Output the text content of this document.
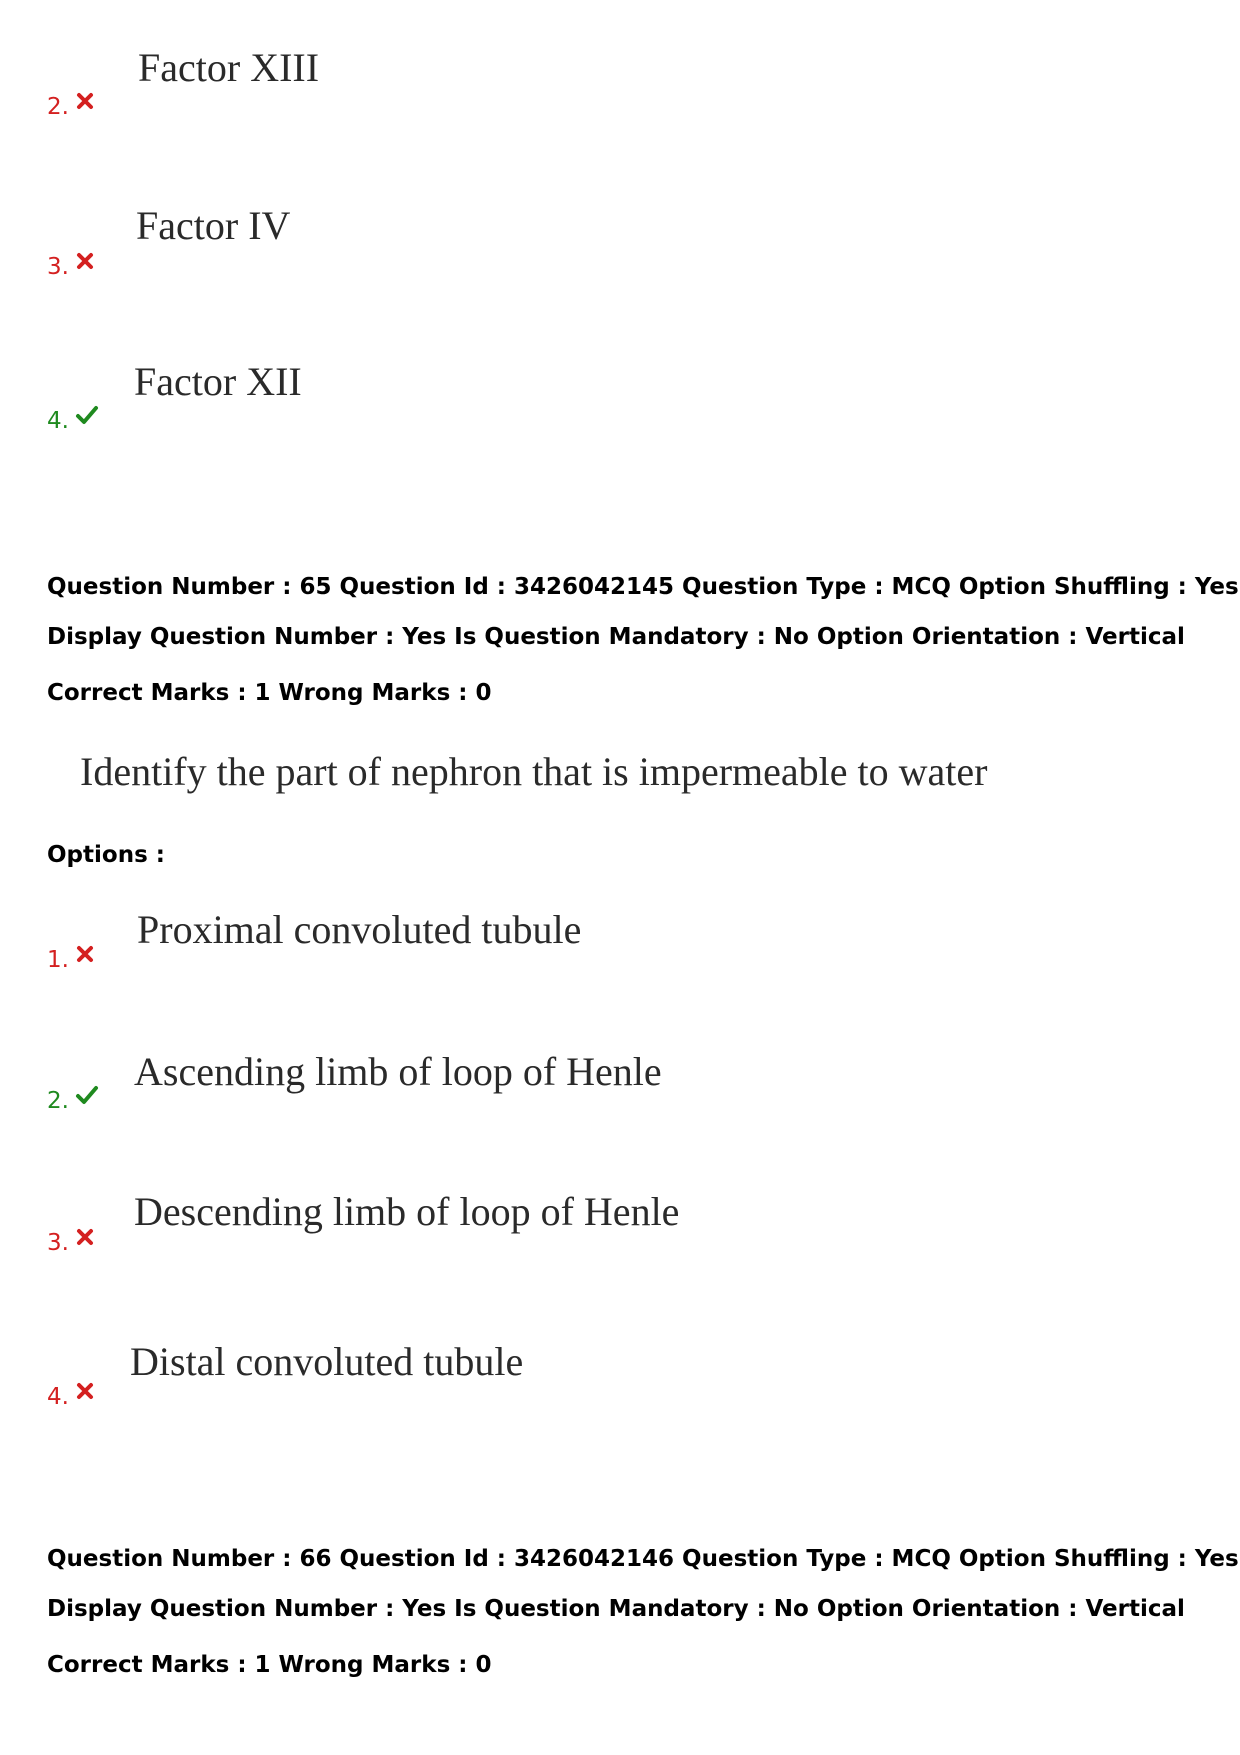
Factor XIII
2.
Factor IV
3.
Factor XII
4.
Question Number : 65 Question Id : 3426042145 Question Type : MCQ Option Shuffling : Yes
Display Question Number : Yes Is Question Mandatory : No Option Orientation : Vertical
Correct Marks : 1 Wrong Marks : 0
Identify the part of nephron that is impermeable to water
Options :
Proximal convoluted tubule
1.
Ascending limb of loop of Henle
2.
Descending limb of loop of Henle
3.
Distal convoluted tubule
4.
Question Number : 66 Question Id : 3426042146 Question Type : MCQ Option Shuffling : Yes
Display Question Number : Yes Is Question Mandatory : No Option Orientation : Vertical
Correct Marks : 1 Wrong Marks : 0
